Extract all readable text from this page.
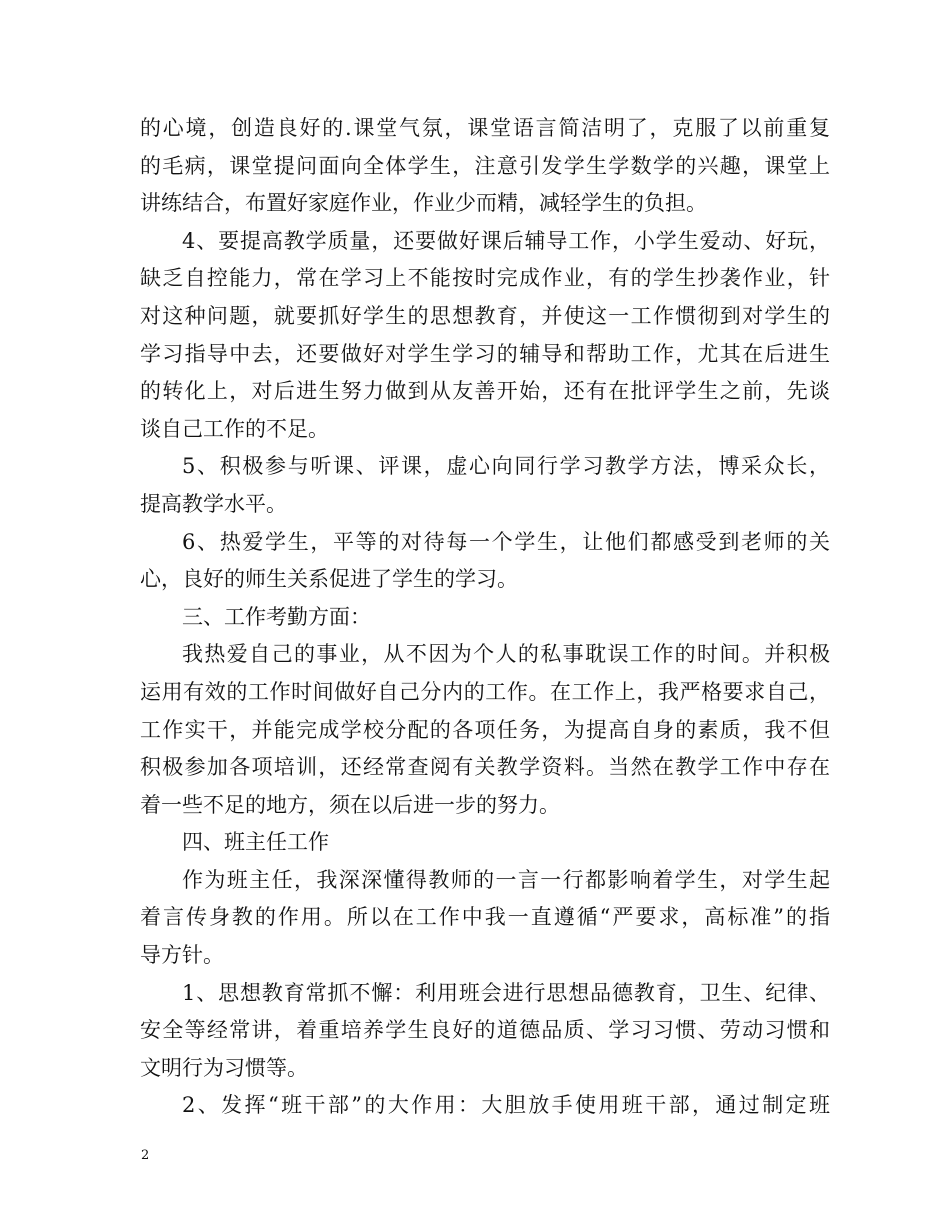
的心境，创造良好的.课堂气氛，课堂语言简洁明了，克服了以前重复
的毛病，课堂提问面向全体学生，注意引发学生学数学的兴趣，课堂上
讲练结合，布置好家庭作业，作业少而精，减轻学生的负担。
4、要提高教学质量，还要做好课后辅导工作，小学生爱动、好玩，
缺乏自控能力，常在学习上不能按时完成作业，有的学生抄袭作业，针
对这种问题，就要抓好学生的思想教育，并使这一工作惯彻到对学生的
学习指导中去，还要做好对学生学习的辅导和帮助工作，尤其在后进生
的转化上，对后进生努力做到从友善开始，还有在批评学生之前，先谈
谈自己工作的不足。
5、积极参与听课、评课，虚心向同行学习教学方法，博采众长，
提高教学水平。
6、热爱学生，平等的对待每一个学生，让他们都感受到老师的关
心，良好的师生关系促进了学生的学习。
三、工作考勤方面：
我热爱自己的事业，从不因为个人的私事耽误工作的时间。并积极
运用有效的工作时间做好自己分内的工作。在工作上，我严格要求自己，
工作实干，并能完成学校分配的各项任务，为提高自身的素质，我不但
积极参加各项培训，还经常查阅有关教学资料。当然在教学工作中存在
着一些不足的地方，须在以后进一步的努力。
四、班主任工作
作为班主任，我深深懂得教师的一言一行都影响着学生，对学生起
着言传身教的作用。所以在工作中我一直遵循“严要求，高标准”的指
导方针。
1、思想教育常抓不懈：利用班会进行思想品德教育，卫生、纪律、
安全等经常讲，着重培养学生良好的道德品质、学习习惯、劳动习惯和
文明行为习惯等。
2、发挥“班干部”的大作用：大胆放手使用班干部，通过制定班
2
